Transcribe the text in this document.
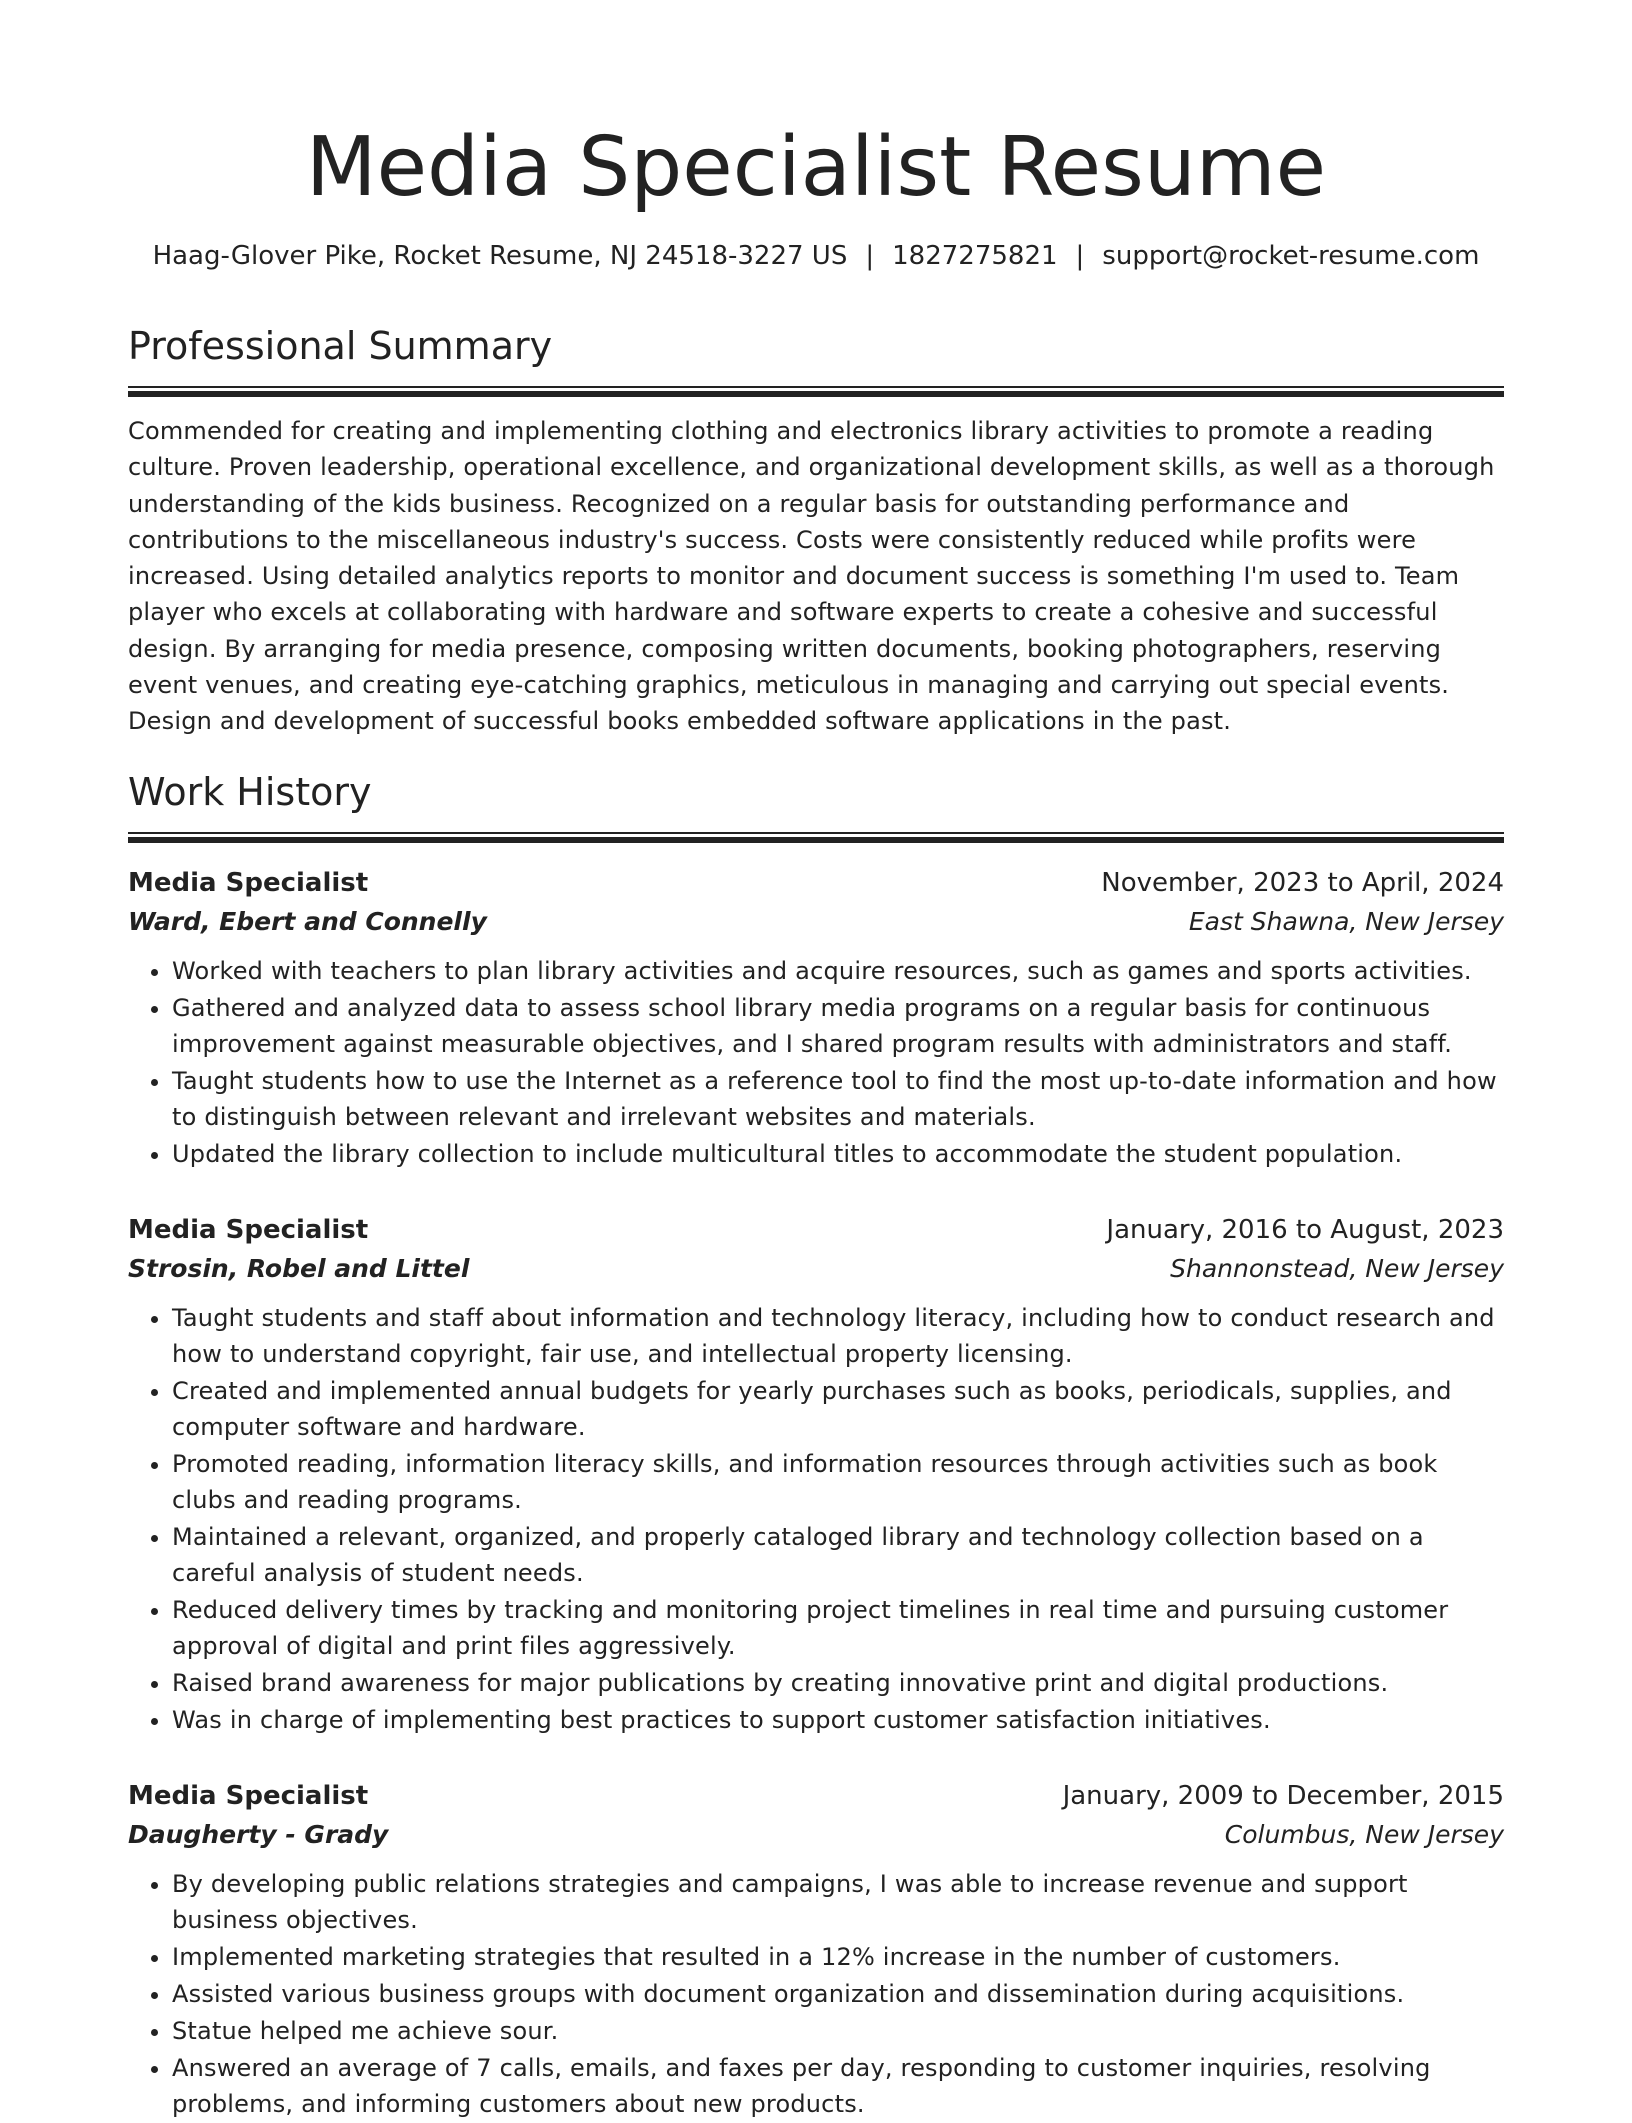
Media Specialist Resume
Haag-Glover Pike, Rocket Resume, NJ 24518-3227 US | 1827275821 | support@rocket-resume.com
Professional Summary

Commended for creating and implementing clothing and electronics library activities to promote a reading culture. Proven leadership, operational excellence, and organizational development skills, as well as a thorough understanding of the kids business. Recognized on a regular basis for outstanding performance and contributions to the miscellaneous industry's success. Costs were consistently reduced while profits were increased. Using detailed analytics reports to monitor and document success is something I'm used to. Team player who excels at collaborating with hardware and software experts to create a cohesive and successful design. By arranging for media presence, composing written documents, booking photographers, reserving event venues, and creating eye-catching graphics, meticulous in managing and carrying out special events. Design and development of successful books embedded software applications in the past.

Work History
Media Specialist	November, 2023 to April, 2024
Ward, Ebert and Connelly	East Shawna, New Jersey
• Worked with teachers to plan library activities and acquire resources, such as games and sports activities.
• Gathered and analyzed data to assess school library media programs on a regular basis for continuous improvement against measurable objectives, and I shared program results with administrators and staff.
• Taught students how to use the Internet as a reference tool to find the most up-to-date information and how to distinguish between relevant and irrelevant websites and materials.
• Updated the library collection to include multicultural titles to accommodate the student population.
Media Specialist	January, 2016 to August, 2023
Strosin, Robel and Littel	Shannonstead, New Jersey
• Taught students and staff about information and technology literacy, including how to conduct research and how to understand copyright, fair use, and intellectual property licensing.
• Created and implemented annual budgets for yearly purchases such as books, periodicals, supplies, and computer software and hardware.
• Promoted reading, information literacy skills, and information resources through activities such as book clubs and reading programs.
• Maintained a relevant, organized, and properly cataloged library and technology collection based on a careful analysis of student needs.
• Reduced delivery times by tracking and monitoring project timelines in real time and pursuing customer approval of digital and print files aggressively.
• Raised brand awareness for major publications by creating innovative print and digital productions.
• Was in charge of implementing best practices to support customer satisfaction initiatives.
Media Specialist	January, 2009 to December, 2015
Daugherty - Grady	Columbus, New Jersey
• By developing public relations strategies and campaigns, I was able to increase revenue and support business objectives.
• Implemented marketing strategies that resulted in a 12% increase in the number of customers.
• Assisted various business groups with document organization and dissemination during acquisitions.
• Statue helped me achieve sour.
• Answered an average of 7 calls, emails, and faxes per day, responding to customer inquiries, resolving problems, and informing customers about new products.
